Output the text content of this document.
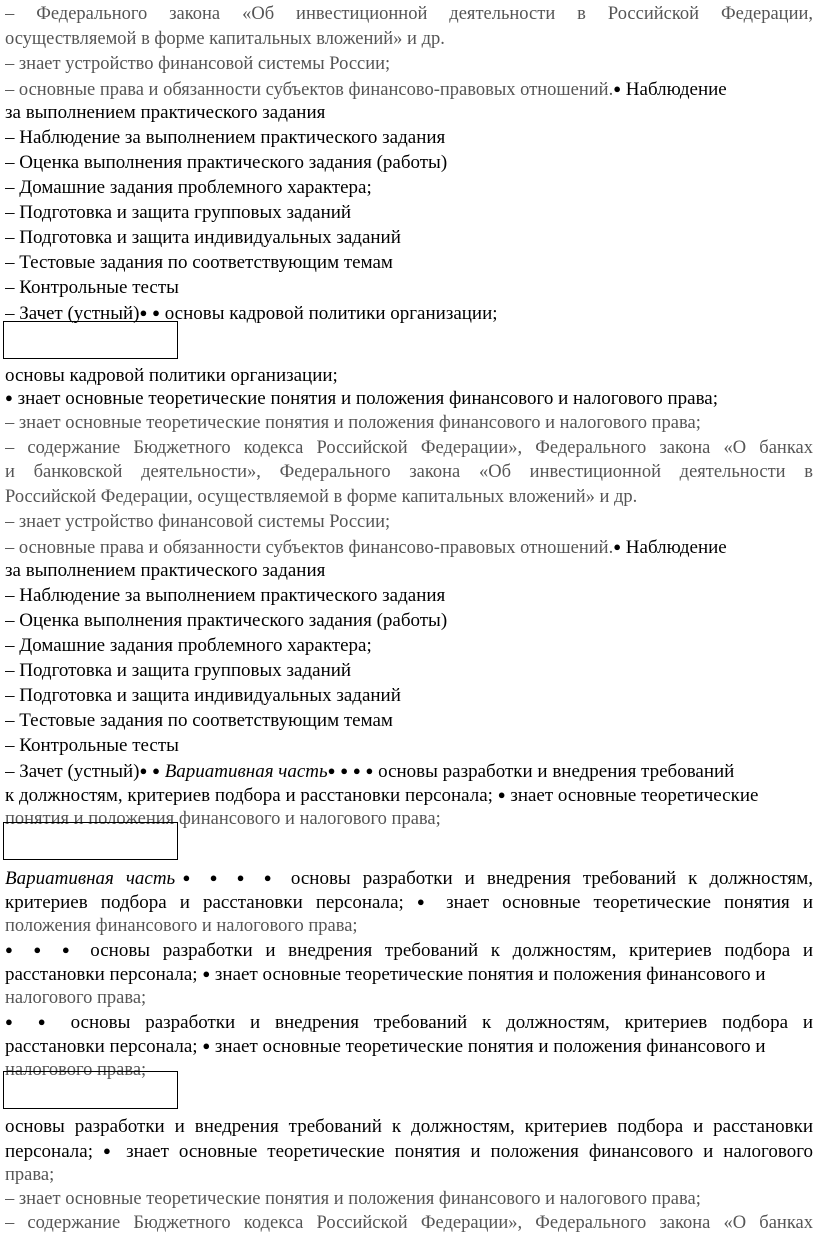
– Федерального закона «Об инвестиционной деятельности в Российской Федерации,
осуществляемой в форме капитальных вложений» и др.
– знает устройство финансовой системы России;
– основные права и обязанности субъектов финансово-правовых отношений.● Наблюдение
за выполнением практического задания
– Наблюдение за выполнением практического задания
– Оценка выполнения практического задания (работы)
– Домашние задания проблемного характера;
– Подготовка и защита групповых заданий
– Подготовка и защита индивидуальных заданий
– Тестовые задания по соответствующим темам
– Контрольные тесты
– Зачет (устный)● ● основы кадровой политики организации;
основы кадровой политики организации;
● знает основные теоретические понятия и положения финансового и налогового права;
– знает основные теоретические понятия и положения финансового и налогового права;
– содержание Бюджетного кодекса Российской Федерации», Федерального закона «О банках
и банковской деятельности», Федерального закона «Об инвестиционной деятельности в
Российской Федерации, осуществляемой в форме капитальных вложений» и др.
– знает устройство финансовой системы России;
– основные права и обязанности субъектов финансово-правовых отношений.● Наблюдение
за выполнением практического задания
– Наблюдение за выполнением практического задания
– Оценка выполнения практического задания (работы)
– Домашние задания проблемного характера;
– Подготовка и защита групповых заданий
– Подготовка и защита индивидуальных заданий
– Тестовые задания по соответствующим темам
– Контрольные тесты
– Зачет (устный)● ● Вариативная часть● ● ● ● основы разработки и внедрения требований
к должностям, критериев подбора и расстановки персонала; ● знает основные теоретические
понятия и положения финансового и налогового права;
Вариативная часть● ● ● ● основы разработки и внедрения требований к должностям,
критериев подбора и расстановки персонала; ● знает основные теоретические понятия и
положения финансового и налогового права;
● ● ● основы разработки и внедрения требований к должностям, критериев подбора и
расстановки персонала; ● знает основные теоретические понятия и положения финансового и
налогового права;
● ● основы разработки и внедрения требований к должностям, критериев подбора и
расстановки персонала; ● знает основные теоретические понятия и положения финансового и
налогового права;
основы разработки и внедрения требований к должностям, критериев подбора и расстановки
персонала; ● знает основные теоретические понятия и положения финансового и налогового
права;
– знает основные теоретические понятия и положения финансового и налогового права;
– содержание Бюджетного кодекса Российской Федерации», Федерального закона «О банках
